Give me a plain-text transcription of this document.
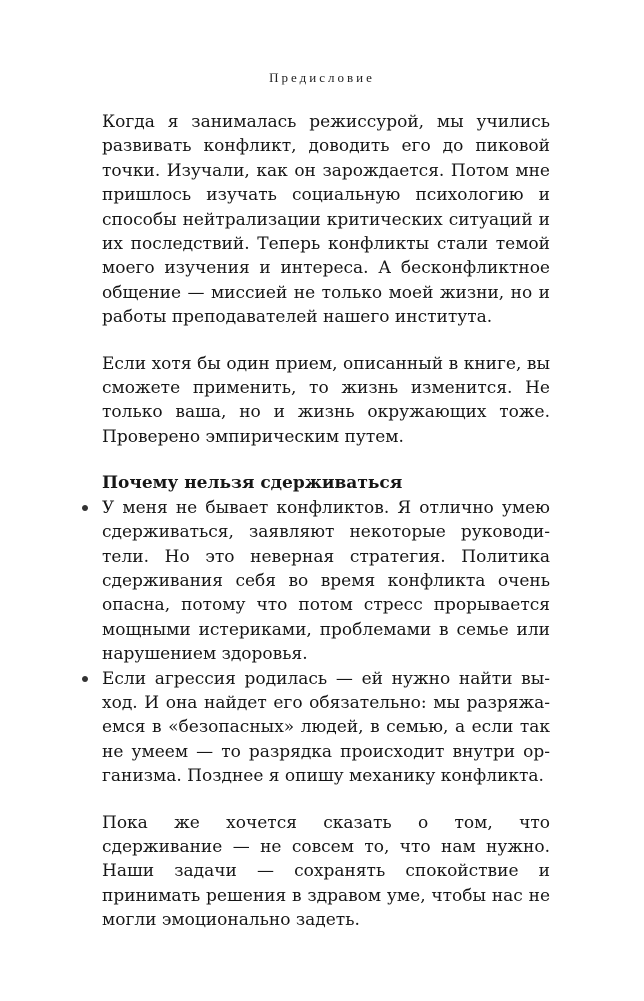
Предисловие

Когда я занималась режиссурой, мы учились развивать конфликт, доводить его до пиковой точки. Изучали, как он зарождается. Потом мне пришлось изучать социальную психологию и способы нейтрализации критических ситуаций и их последствий. Теперь конфликты стали темой моего изучения и интереса. А бесконфликтное общение — миссией не только моей жизни, но и работы преподавателей нашего института.

Если хотя бы один прием, описанный в книге, вы сможете применить, то жизнь изменится. Не только ваша, но и жизнь окружающих тоже. Проверено эмпирическим путем.

Почему нельзя сдерживаться

У меня не бывает конфликтов. Я отлично умею сдерживаться, заявляют некоторые руководители. Но это неверная стратегия. Политика сдерживания себя во время конфликта очень опасна, потому что потом стресс прорывается мощными истериками, проблемами в семье или нарушением здоровья.
Если агрессия родилась — ей нужно найти выход. И она найдет его обязательно: мы разряжаемся в «безопасных» людей, в семью, а если так не умеем — то разрядка происходит внутри организма. Позднее я опишу механику конфликта.

Пока же хочется сказать о том, что сдерживание — не совсем то, что нам нужно. Наши задачи — сохранять спокойствие и принимать решения в здравом уме, чтобы нас не могли эмоционально задеть.
